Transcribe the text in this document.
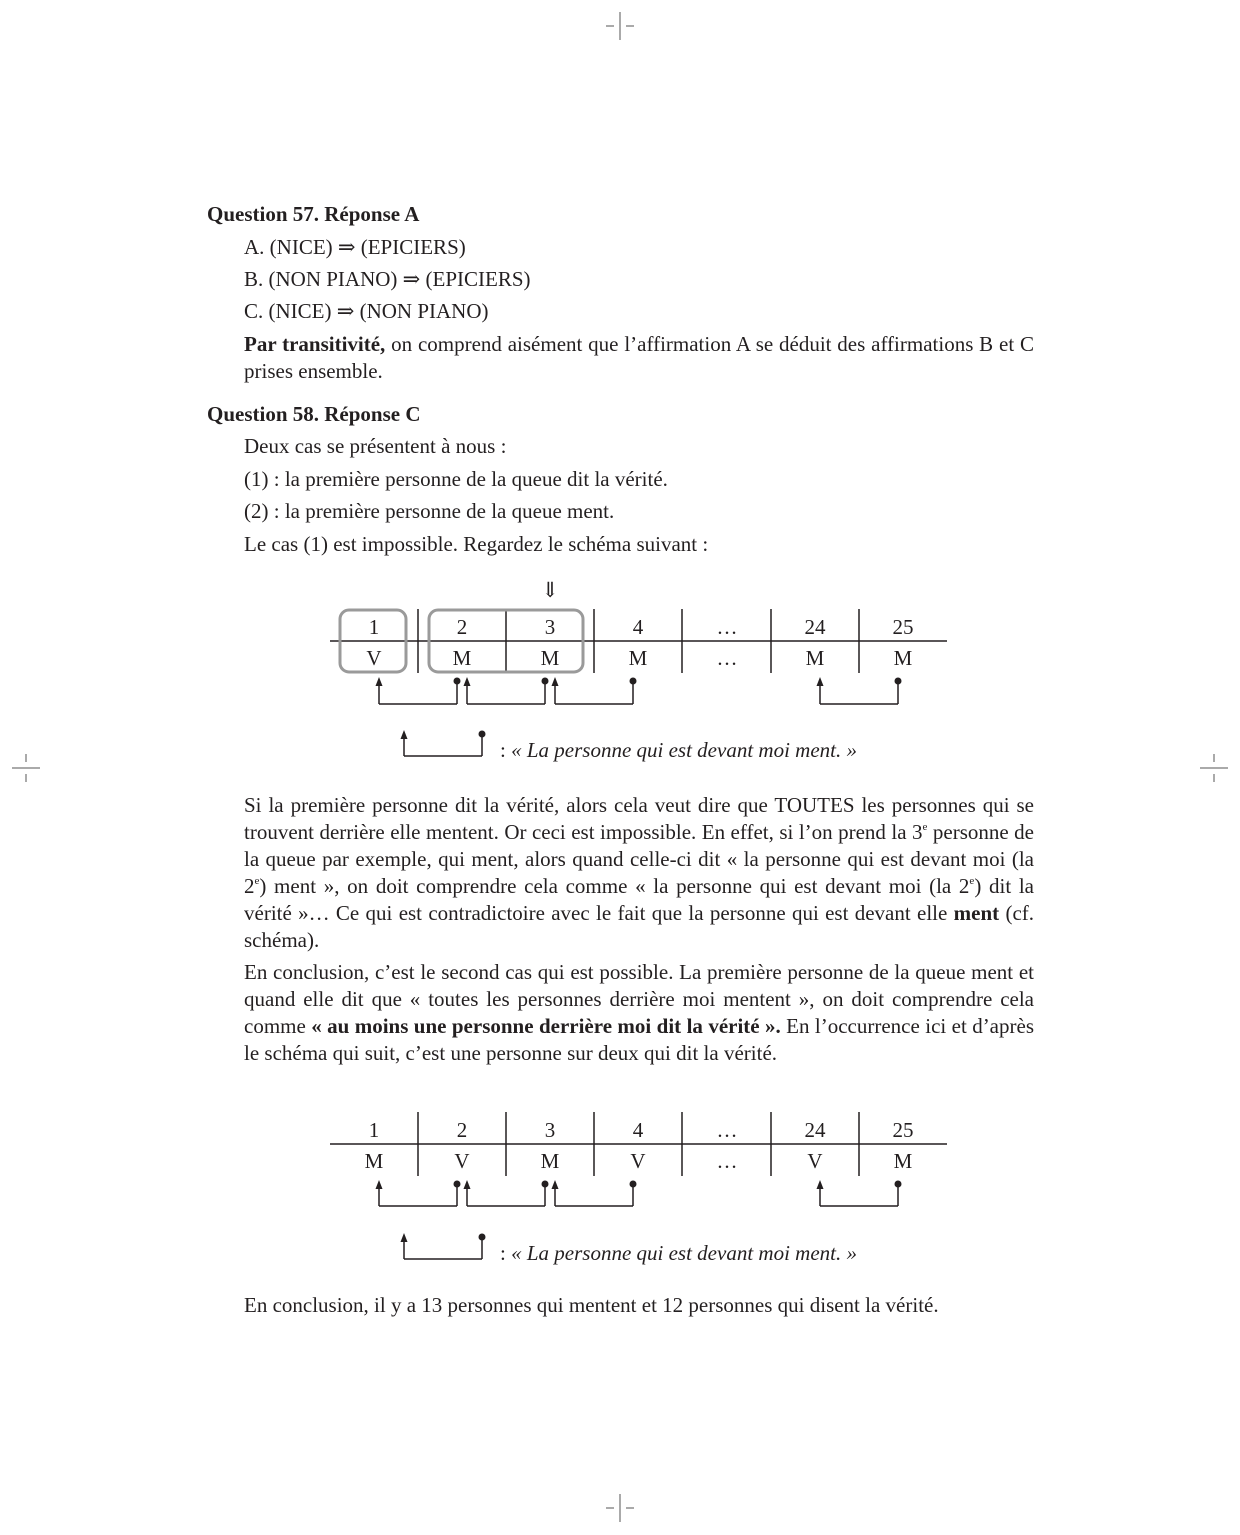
Question 57. Réponse A

A. (NICE) ⇒ (EPICIERS)

B. (NON PIANO) ⇒ (EPICIERS)

C. (NICE) ⇒ (NON PIANO)

Par transitivité, on comprend aisément que l’affirmation A se déduit des affirmations B et C prises ensemble.

Question 58. Réponse C

Deux cas se présentent à nous :

(1) : la première personne de la queue dit la vérité.

(2) : la première personne de la queue ment.

Le cas (1) est impossible. Regardez le schéma suivant :

⇓
1	2	3	4	…	24	25
V	M	M	M	…	M	M
: « La personne qui est devant moi ment. »

Si la première personne dit la vérité, alors cela veut dire que TOUTES les personnes qui se trouvent derrière elle mentent. Or ceci est impossible. En effet, si l’on prend la 3e personne de la queue par exemple, qui ment, alors quand celle-ci dit « la personne qui est devant moi (la 2e) ment », on doit comprendre cela comme « la personne qui est devant moi (la 2e) dit la vérité »… Ce qui est contradictoire avec le fait que la personne qui est devant elle ment (cf. schéma).

En conclusion, c’est le second cas qui est possible. La première personne de la queue ment et quand elle dit que « toutes les personnes derrière moi mentent », on doit comprendre cela comme « au moins une personne derrière moi dit la vérité ». En l’occurrence ici et d’après le schéma qui suit, c’est une personne sur deux qui dit la vérité.

1	2	3	4	…	24	25
M	V	M	V	…	V	M
: « La personne qui est devant moi ment. »

En conclusion, il y a 13 personnes qui mentent et 12 personnes qui disent la vérité.
